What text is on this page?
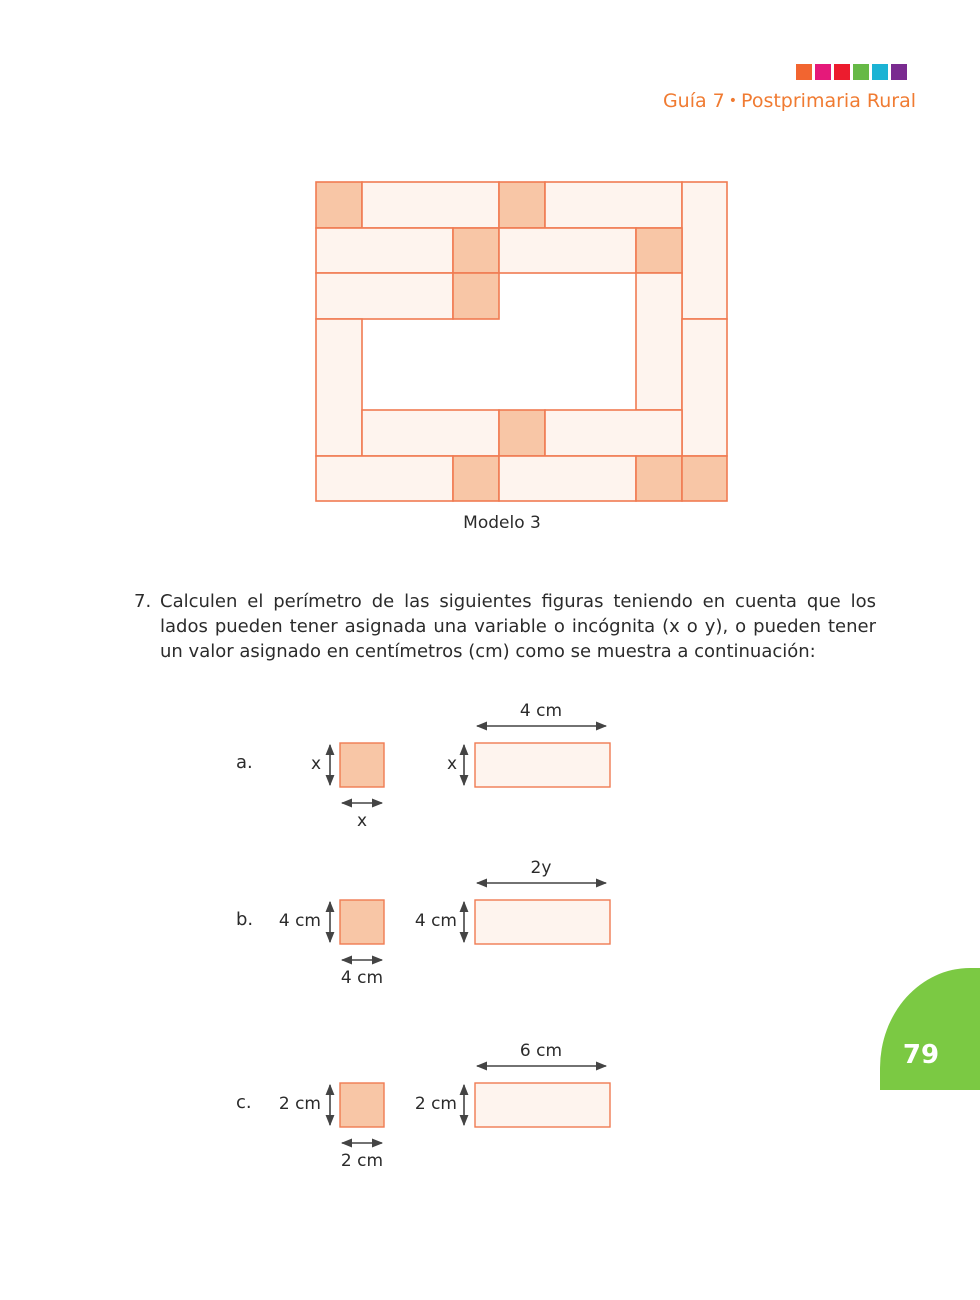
Guía 7 • Postprimaria Rural
Modelo 3
7. Calculen el perímetro de las siguientes figuras teniendo en cuenta que los lados pueden tener asignada una variable o incógnita (x o y), o pueden tener un valor asignado en centímetros (cm) como se muestra a continuación:
a.	x
x
x
4 cm
b.	4 cm
4 cm
4 cm
2y
c.	2 cm
2 cm
2 cm
6 cm	79
